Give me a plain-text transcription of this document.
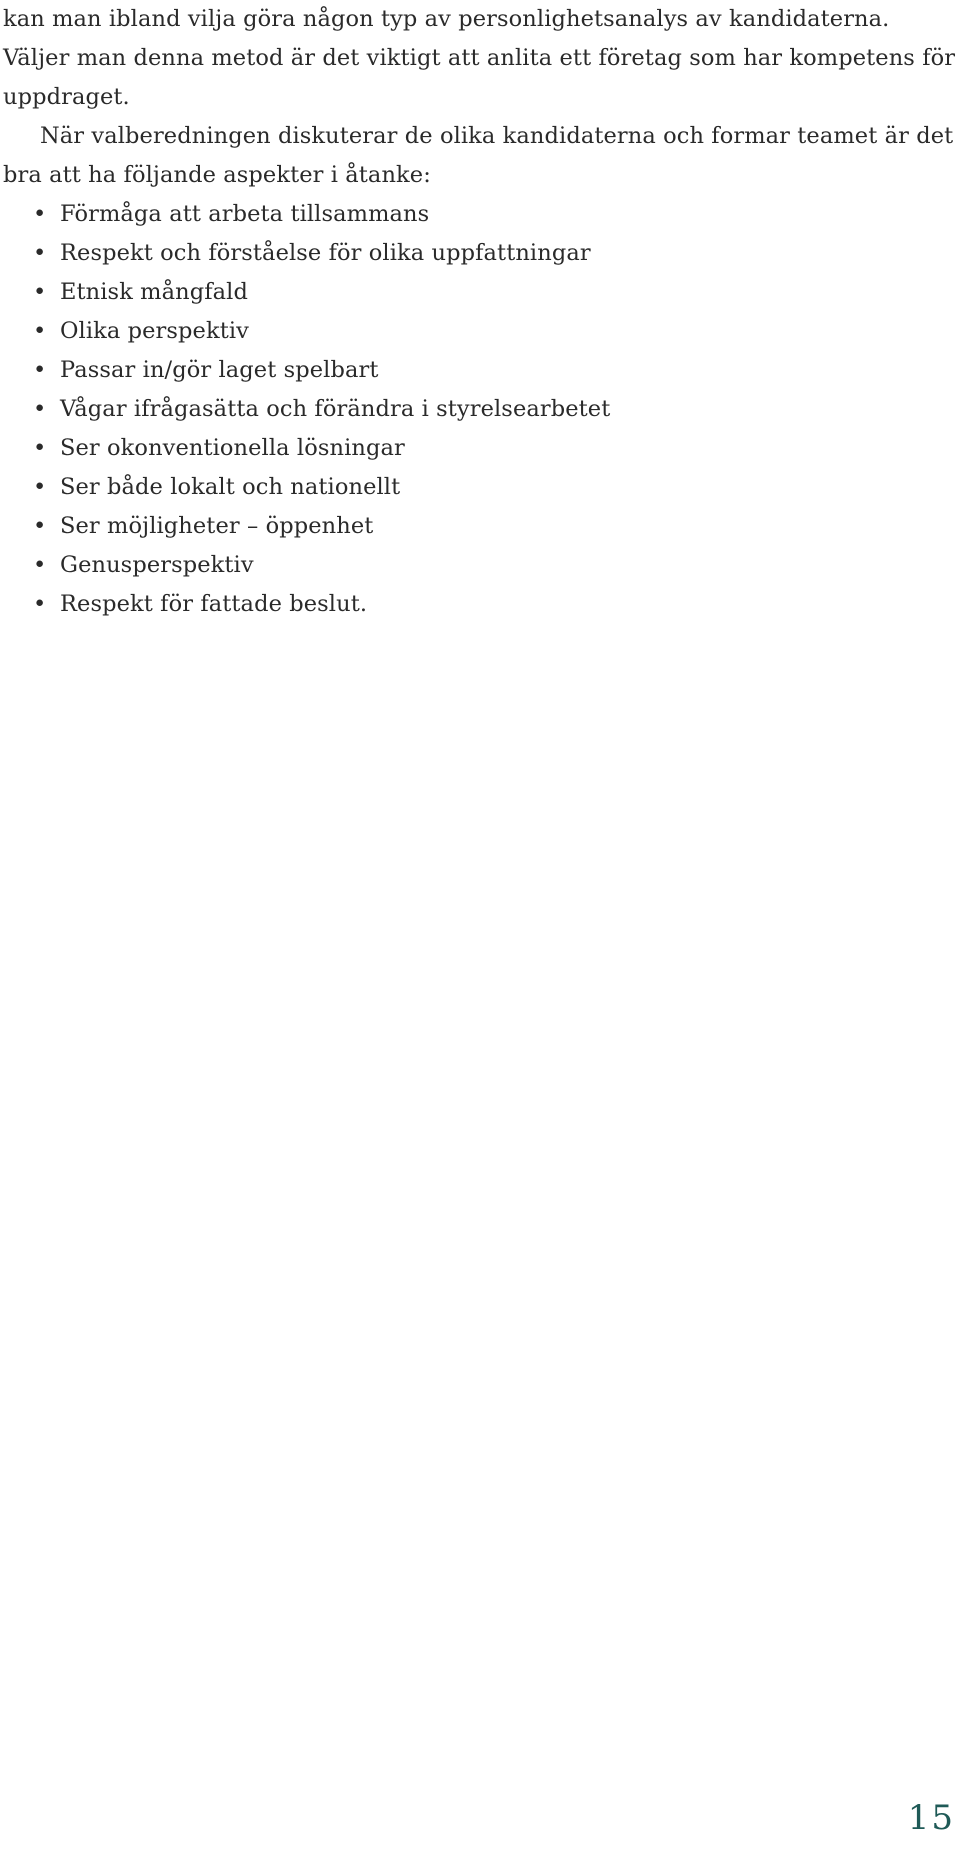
kan man ibland vilja göra någon typ av personlighetsanalys av kandidaterna. Väljer man denna metod är det viktigt att anlita ett företag som har kompetens för uppdraget.

När valberedningen diskuterar de olika kandidaterna och formar teamet är det bra att ha följande aspekter i åtanke:

• Förmåga att arbeta tillsammans
• Respekt och förståelse för olika uppfattningar
• Etnisk mångfald
• Olika perspektiv
• Passar in/gör laget spelbart
• Vågar ifrågasätta och förändra i styrelsearbetet
• Ser okonventionella lösningar
• Ser både lokalt och nationellt
• Ser möjligheter – öppenhet
• Genusperspektiv
• Respekt för fattade beslut.
15
